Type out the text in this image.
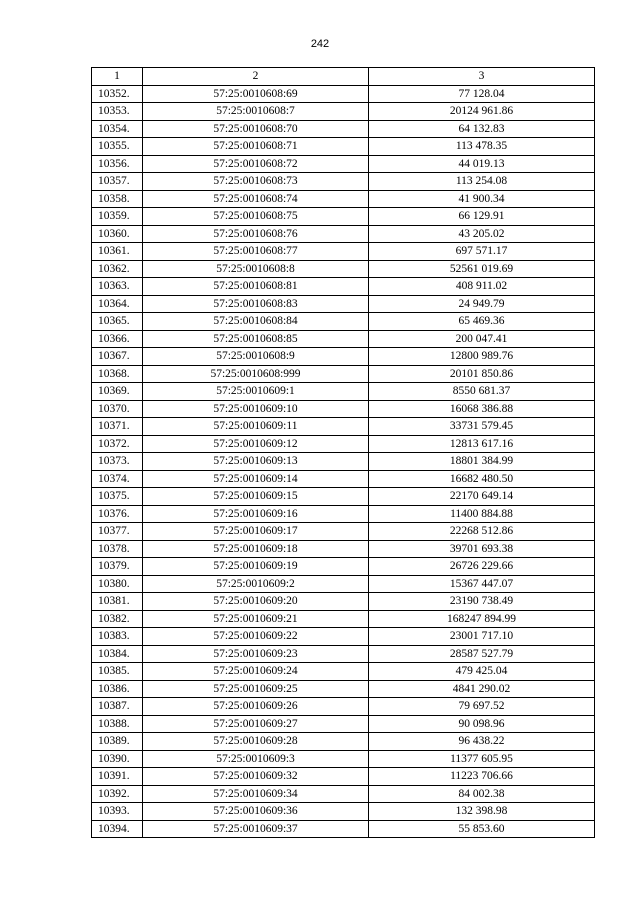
242
1	2	3
10352.	57:25:0010608:69	77 128.04
10353.	57:25:0010608:7	20124 961.86
10354.	57:25:0010608:70	64 132.83
10355.	57:25:0010608:71	113 478.35
10356.	57:25:0010608:72	44 019.13
10357.	57:25:0010608:73	113 254.08
10358.	57:25:0010608:74	41 900.34
10359.	57:25:0010608:75	66 129.91
10360.	57:25:0010608:76	43 205.02
10361.	57:25:0010608:77	697 571.17
10362.	57:25:0010608:8	52561 019.69
10363.	57:25:0010608:81	408 911.02
10364.	57:25:0010608:83	24 949.79
10365.	57:25:0010608:84	65 469.36
10366.	57:25:0010608:85	200 047.41
10367.	57:25:0010608:9	12800 989.76
10368.	57:25:0010608:999	20101 850.86
10369.	57:25:0010609:1	8550 681.37
10370.	57:25:0010609:10	16068 386.88
10371.	57:25:0010609:11	33731 579.45
10372.	57:25:0010609:12	12813 617.16
10373.	57:25:0010609:13	18801 384.99
10374.	57:25:0010609:14	16682 480.50
10375.	57:25:0010609:15	22170 649.14
10376.	57:25:0010609:16	11400 884.88
10377.	57:25:0010609:17	22268 512.86
10378.	57:25:0010609:18	39701 693.38
10379.	57:25:0010609:19	26726 229.66
10380.	57:25:0010609:2	15367 447.07
10381.	57:25:0010609:20	23190 738.49
10382.	57:25:0010609:21	168247 894.99
10383.	57:25:0010609:22	23001 717.10
10384.	57:25:0010609:23	28587 527.79
10385.	57:25:0010609:24	479 425.04
10386.	57:25:0010609:25	4841 290.02
10387.	57:25:0010609:26	79 697.52
10388.	57:25:0010609:27	90 098.96
10389.	57:25:0010609:28	96 438.22
10390.	57:25:0010609:3	11377 605.95
10391.	57:25:0010609:32	11223 706.66
10392.	57:25:0010609:34	84 002.38
10393.	57:25:0010609:36	132 398.98
10394.	57:25:0010609:37	55 853.60
